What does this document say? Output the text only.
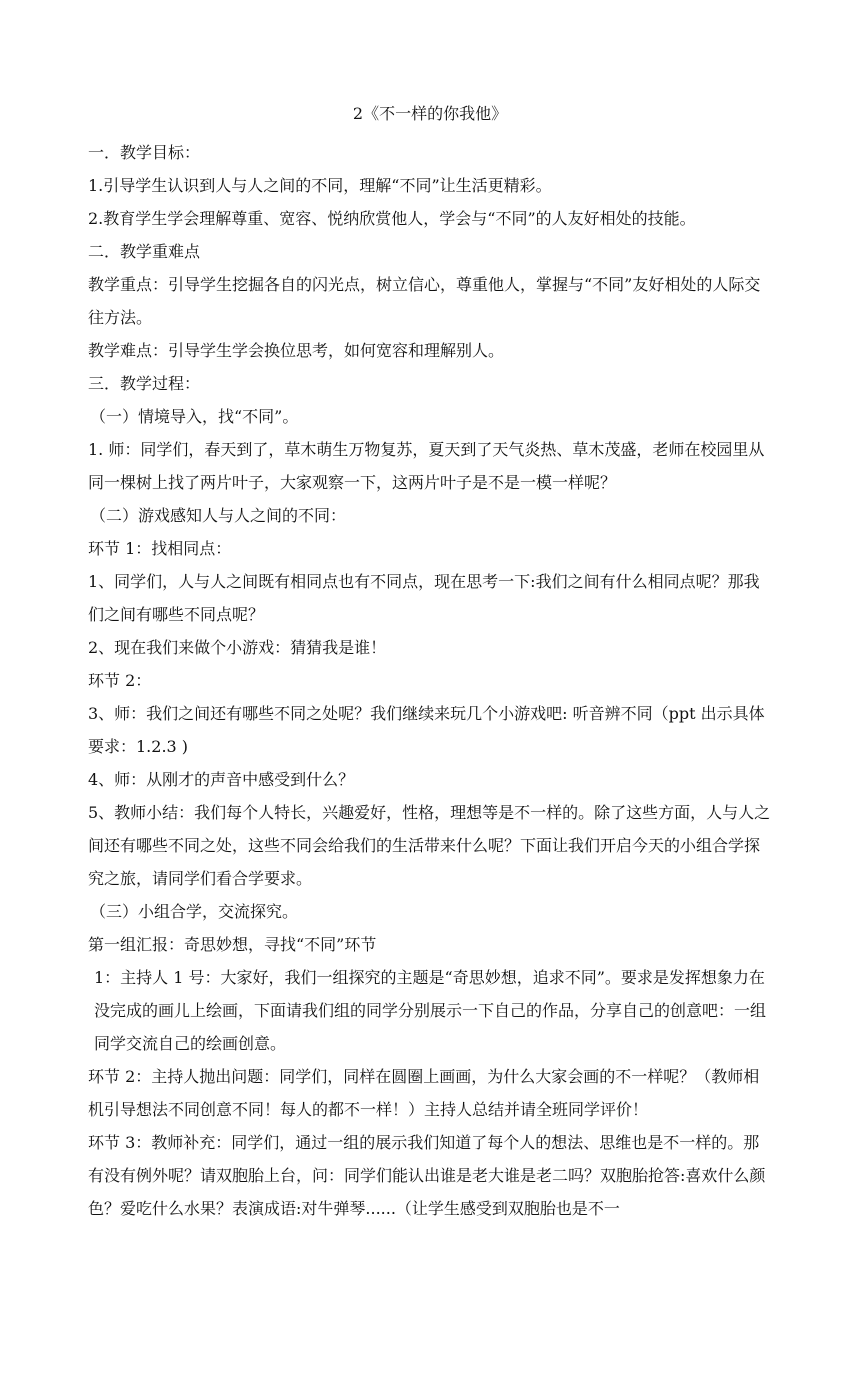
2《不一样的你我他》

一．教学目标：

1.引导学生认识到人与人之间的不同，理解“不同”让生活更精彩。

2.教育学生学会理解尊重、宽容、悦纳欣赏他人，学会与“不同”的人友好相处的技能。

二．教学重难点

教学重点：引导学生挖掘各自的闪光点，树立信心，尊重他人，掌握与“不同”友好相处的人际交往方法。

教学难点：引导学生学会换位思考，如何宽容和理解别人。

三．教学过程：

（一）情境导入，找“不同”。

1. 师：同学们，春天到了，草木萌生万物复苏，夏天到了天气炎热、草木茂盛，老师在校园里从同一棵树上找了两片叶子，大家观察一下，这两片叶子是不是一模一样呢？

（二）游戏感知人与人之间的不同：

环节 1：找相同点：

1、同学们，人与人之间既有相同点也有不同点，现在思考一下:我们之间有什么相同点呢？那我们之间有哪些不同点呢？

2、现在我们来做个小游戏：猜猜我是谁！

环节 2：

3、师：我们之间还有哪些不同之处呢？我们继续来玩几个小游戏吧: 听音辨不同（ppt 出示具体要求：1.2.3 )

4、师：从刚才的声音中感受到什么？

5、教师小结：我们每个人特长，兴趣爱好，性格，理想等是不一样的。除了这些方面，人与人之间还有哪些不同之处，这些不同会给我们的生活带来什么呢？下面让我们开启今天的小组合学探究之旅，请同学们看合学要求。

（三）小组合学，交流探究。

第一组汇报：奇思妙想，寻找“不同”环节

1：主持人 1 号：大家好，我们一组探究的主题是“奇思妙想，追求不同”。要求是发挥想象力在没完成的画儿上绘画，下面请我们组的同学分别展示一下自己的作品，分享自己的创意吧：一组同学交流自己的绘画创意。

环节 2：主持人抛出问题：同学们，同样在圆圈上画画，为什么大家会画的不一样呢？（教师相机引导想法不同创意不同！每人的都不一样！）主持人总结并请全班同学评价！

环节 3：教师补充：同学们，通过一组的展示我们知道了每个人的想法、思维也是不一样的。那有没有例外呢？请双胞胎上台，问：同学们能认出谁是老大谁是老二吗？双胞胎抢答:喜欢什么颜色？爱吃什么水果？表演成语:对牛弹琴......（让学生感受到双胞胎也是不一
